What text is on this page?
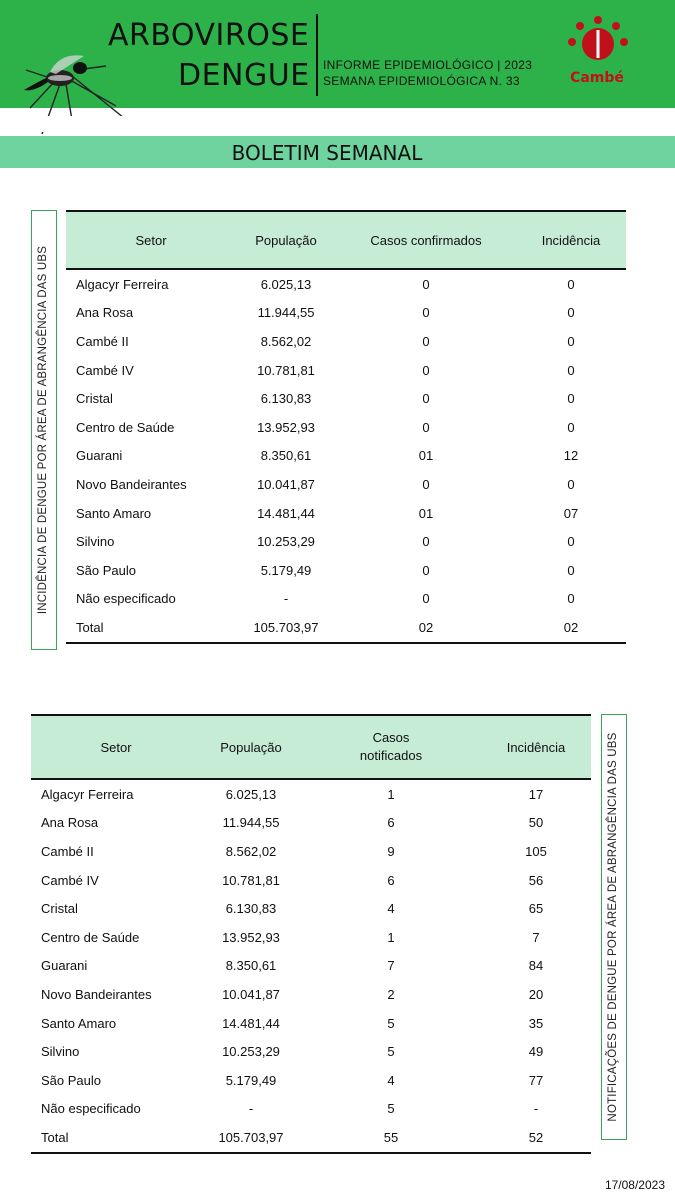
ARBOVIROSE
DENGUE INFORME EPIDEMIOLÓGICO | 2023
SEMANA EPIDEMIOLÓGICA N. 33	Cambé
BOLETIM SEMANAL
INCIDÊNCIA DE DENGUE POR ÁREA DE ABRANGÊNCIA DAS UBS
Setor	População	Casos confirmados	Incidência
Algacyr Ferreira	6.025,13	0	0
Ana Rosa	11.944,55	0	0
Cambé II	8.562,02	0	0
Cambé IV	10.781,81	0	0
Cristal	6.130,83	0	0
Centro de Saúde	13.952,93	0	0
Guarani	8.350,61	01	12
Novo Bandeirantes	10.041,87	0	0
Santo Amaro	14.481,44	01	07
Silvino	10.253,29	0	0
São Paulo	5.179,49	0	0
Não especificado	-	0	0
Total	105.703,97	02	02
Setor	População	Casos notificados	Incidência
Algacyr Ferreira	6.025,13	1	17
Ana Rosa	11.944,55	6	50
Cambé II	8.562,02	9	105
Cambé IV	10.781,81	6	56
Cristal	6.130,83	4	65
Centro de Saúde	13.952,93	1	7
Guarani	8.350,61	7	84
Novo Bandeirantes	10.041,87	2	20
Santo Amaro	14.481,44	5	35
Silvino	10.253,29	5	49
São Paulo	5.179,49	4	77
Não especificado	-	5	-
Total	105.703,97	55	52
NOTIFICAÇÕES DE DENGUE POR ÁREA DE ABRANGÊNCIA DAS UBS
17/08/2023
